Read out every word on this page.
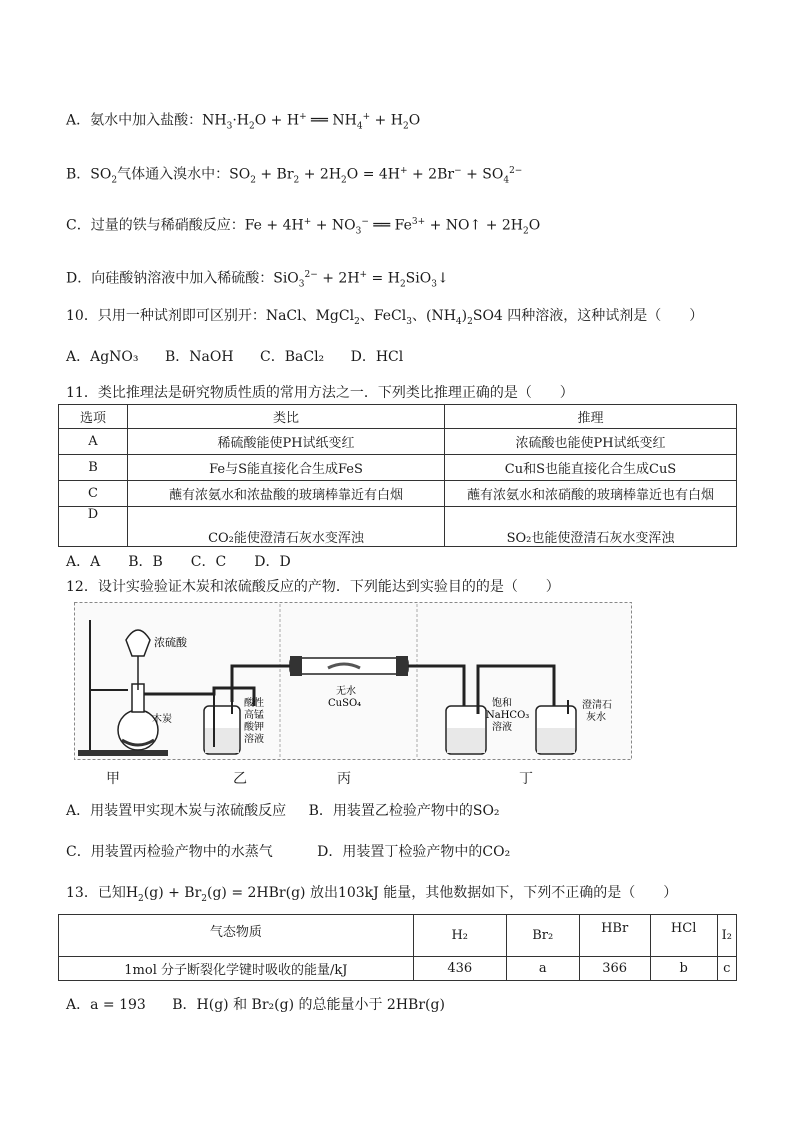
A．氨水中加入盐酸：$NH_3\cdot H_2O + H^+$ ══ $NH_4^+ + H_2O$
B．$SO_2$气体通入溴水中：$SO_2 + Br_2 + 2H_2O = 4H^+ + 2Br^- + SO_4^{2-}$
C．过量的铁与稀硝酸反应：$Fe + 4H^+ + NO_3^-$ ══ $Fe^{3+}$ + NO↑ + $2H_2O$
D．向硅酸钠溶液中加入稀硫酸：$SiO_3^{2-} + 2H^+ = H_2SiO_3↓$
10．只用一种试剂即可区别开：NaCl、MgCl$_2$、FeCl$_3$、$(NH_4)_2SO4$ 四种溶液，这种试剂是（　　）
A．AgNO₃ B．NaOH C．BaCl₂ D．HCl
11．类比推理法是研究物质性质的常用方法之一．下列类比推理正确的是（　　）
选项	类比	推理
A	稀硫酸能使PH试纸变红	浓硫酸也能使PH试纸变红
B	Fe与S能直接化合生成FeS	Cu和S也能直接化合生成CuS
C	蘸有浓氨水和浓盐酸的玻璃棒靠近有白烟	蘸有浓氨水和浓硝酸的玻璃棒靠近也有白烟
D	CO₂能使澄清石灰水变浑浊	SO₂也能使澄清石灰水变浑浊
A．A　　B．B　　C．C　　D．D
12．设计实验验证木炭和浓硫酸反应的产物．下列能达到实验目的的是（　　）
浓硫酸
木炭
酸性
高锰
酸钾
溶液
无水
CuSO₄	饱和
NaHCO₃
溶液
澄清石
灰水
甲	乙	丙	丁
A．用装置甲实现木炭与浓硫酸反应 B．用装置乙检验产物中的SO₂
C．用装置丙检验产物中的水蒸气	D．用装置丁检验产物中的CO₂
13．已知$H_2(g) + Br_2(g) = 2HBr(g)$ 放出103kJ 能量，其他数据如下，下列不正确的是（　　）
气态物质	H₂	Br₂	HBr	HCl	I₂
1mol 分子断裂化学键时吸收的能量/kJ	436	a	366	b	c
A．a = 193 B．H(g) 和 Br₂(g) 的总能量小于 2HBr(g)
